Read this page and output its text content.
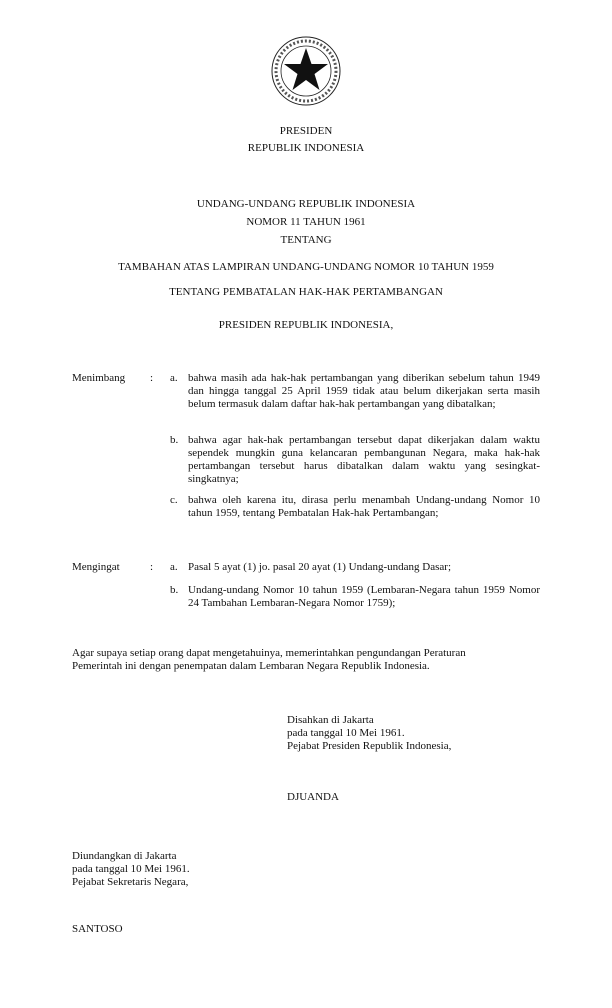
PRESIDEN
REPUBLIK INDONESIA
UNDANG-UNDANG REPUBLIK INDONESIA
NOMOR 11 TAHUN 1961
TENTANG
TAMBAHAN ATAS LAMPIRAN UNDANG-UNDANG NOMOR 10 TAHUN 1959
TENTANG PEMBATALAN HAK-HAK PERTAMBANGAN
PRESIDEN REPUBLIK INDONESIA,
Menimbang : a. bahwa masih ada hak-hak pertambangan yang diberikan sebelum tahun 1949 dan hingga tanggal 25 April 1959 tidak atau belum dikerjakan serta masih belum termasuk dalam daftar hak-hak pertambangan yang dibatalkan;
b. bahwa agar hak-hak pertambangan tersebut dapat dikerjakan dalam waktu sependek mungkin guna kelancaran pembangunan Negara, maka hak-hak pertambangan tersebut harus dibatalkan dalam waktu yang sesingkat-singkatnya;
c. bahwa oleh karena itu, dirasa perlu menambah Undang-undang Nomor 10 tahun 1959, tentang Pembatalan Hak-hak Pertambangan;
Mengingat	: a. Pasal 5 ayat (1) jo. pasal 20 ayat (1) Undang-undang Dasar;
b. Undang-undang Nomor 10 tahun 1959 (Lembaran-Negara tahun 1959 Nomor 24 Tambahan Lembaran-Negara Nomor 1759);
Agar supaya setiap orang dapat mengetahuinya, memerintahkan pengundangan Peraturan Pemerintah ini dengan penempatan dalam Lembaran Negara Republik Indonesia.
Disahkan di Jakarta
pada tanggal 10 Mei 1961.
Pejabat Presiden Republik Indonesia,
DJUANDA
Diundangkan di Jakarta
pada tanggal 10 Mei 1961.
Pejabat Sekretaris Negara,
SANTOSO
